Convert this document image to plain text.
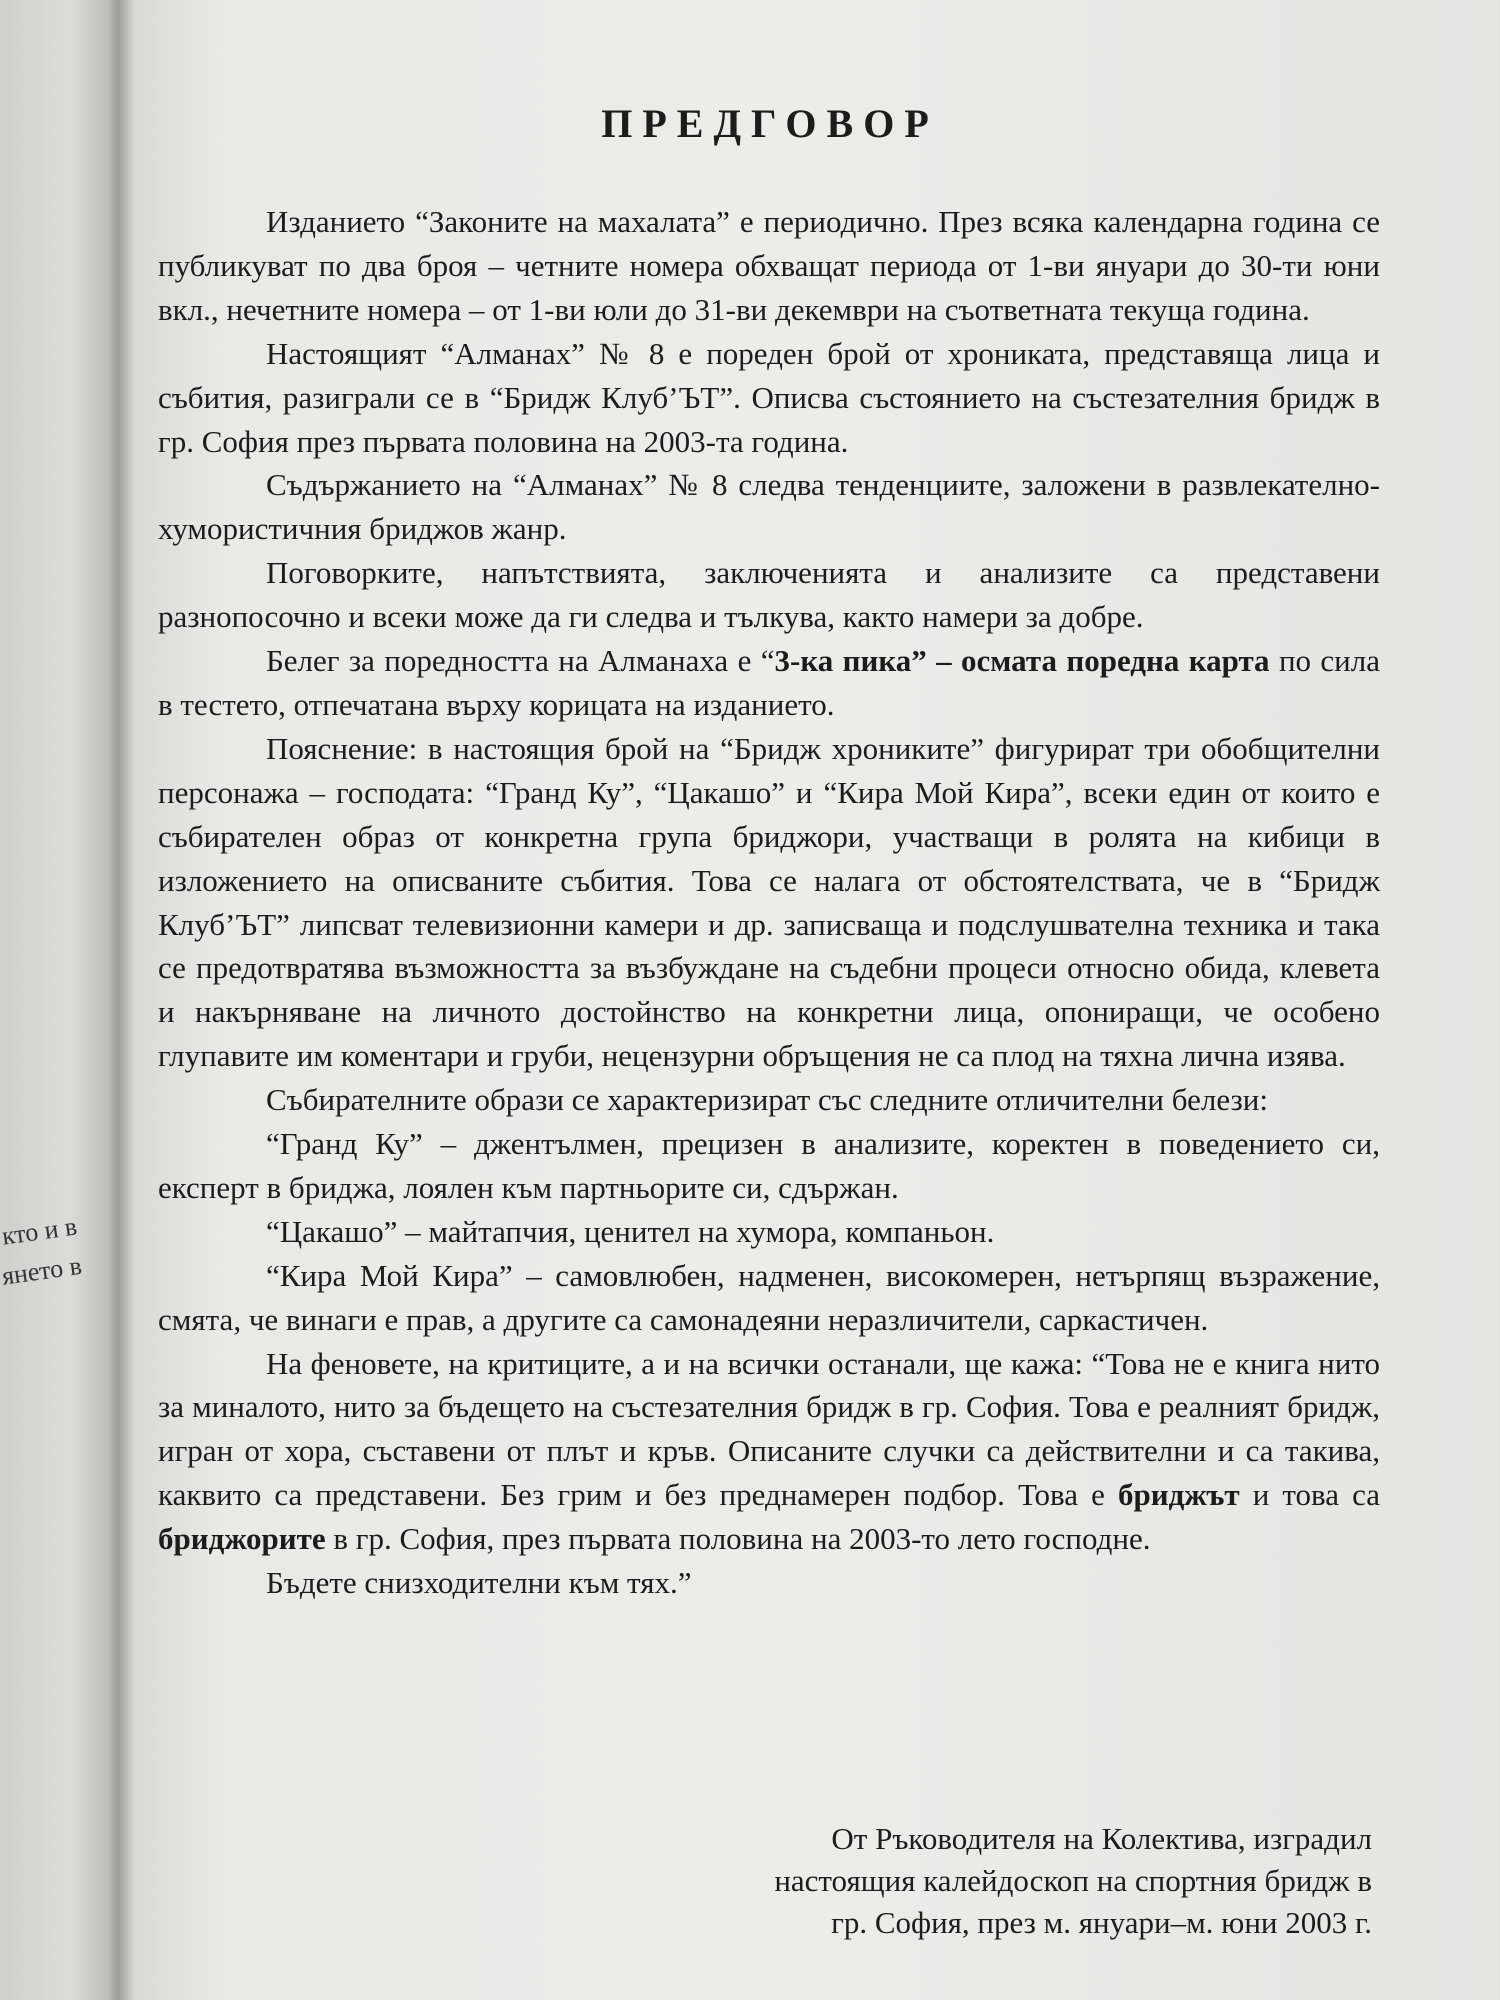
кто и в
янето в
ПРЕДГОВОР

Изданието “Законите на махалата” е периодично. През всяка календарна година се публикуват по два броя – четните номера обхващат периода от 1-ви януари до 30-ти юни вкл., нечетните номера – от 1-ви юли до 31-ви декември на съответната текуща година.

Настоящият “Алманах” № 8 е пореден брой от хрониката, представяща лица и събития, разиграли се в “Бридж Клуб’ЪТ”. Описва състоянието на състезателния бридж в гр. София през първата половина на 2003-та година.

Съдържанието на “Алманах” № 8 следва тенденциите, заложени в развлекателно-хумористичния бриджов жанр.

Поговорките, напътствията, заключенията и анализите са представени разнопосочно и всеки може да ги следва и тълкува, както намери за добре.

Белег за поредността на Алманаха е “3-ка пика” – осмата поредна карта по сила в тестето, отпечатана върху корицата на изданието.

Пояснение: в настоящия брой на “Бридж хрониките” фигурират три обобщителни персонажа – господата: “Гранд Ку”, “Цакашо” и “Кира Мой Кира”, всеки един от които е събирателен образ от конкретна група бриджори, участващи в ролята на кибици в изложението на описваните събития. Това се налага от обстоятелствата, че в “Бридж Клуб’ЪТ” липсват телевизионни камери и др. записваща и подслушвателна техника и така се предотвратява възможността за възбуждане на съдебни процеси относно обида, клевета и накърняване на личното достойнство на конкретни лица, опониращи, че особено глупавите им коментари и груби, нецензурни обръщения не са плод на тяхна лична изява.

Събирателните образи се характеризират със следните отличителни белези:

“Гранд Ку” – джентълмен, прецизен в анализите, коректен в поведението си, експерт в бриджа, лоялен към партньорите си, сдържан.

“Цакашо” – майтапчия, ценител на хумора, компаньон.

“Кира Мой Кира” – самовлюбен, надменен, високомерен, нетърпящ възражение, смята, че винаги е прав, а другите са самонадеяни неразличители, саркастичен.

На феновете, на критиците, а и на всички останали, ще кажа: “Това не е книга нито за миналото, нито за бъдещето на състезателния бридж в гр. София. Това е реалният бридж, игран от хора, съставени от плът и кръв. Описаните случки са действителни и са такива, каквито са представени. Без грим и без преднамерен подбор. Това е бриджът и това са бриджорите в гр. София, през първата половина на 2003-то лето господне.

Бъдете снизходителни към тях.”

От Ръководителя на Колектива, изградил
настоящия калейдоскоп на спортния бридж в
гр. София, през м. януари–м. юни 2003 г.
